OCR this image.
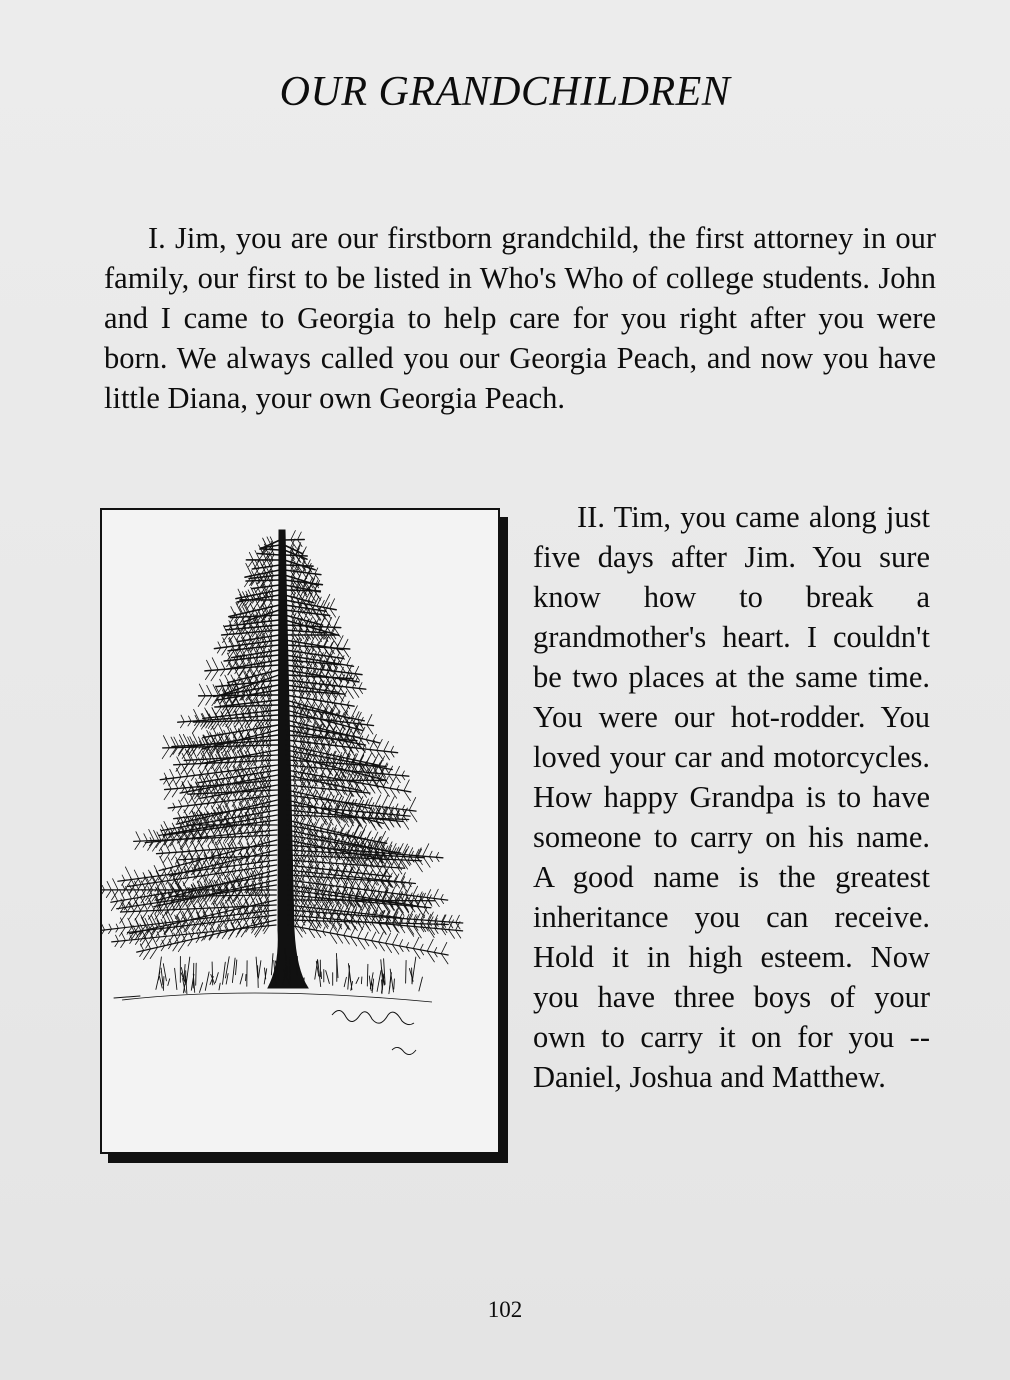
OUR GRANDCHILDREN

I. Jim, you are our firstborn grandchild, the first attorney in our family, our first to be listed in Who's Who of college students. John and I came to Georgia to help care for you right after you were born. We always called you our Georgia Peach, and now you have little Diana, your own Georgia Peach.

II. Tim, you came along just five days after Jim. You sure know how to break a grandmother's heart. I couldn't be two places at the same time. You were our hot-rodder. You loved your car and motorcycles. How happy Grandpa is to have someone to carry on his name. A good name is the greatest inheritance you can receive. Hold it in high esteem. Now you have three boys of your own to carry it on for you -- Daniel, Joshua and Matthew.

102
